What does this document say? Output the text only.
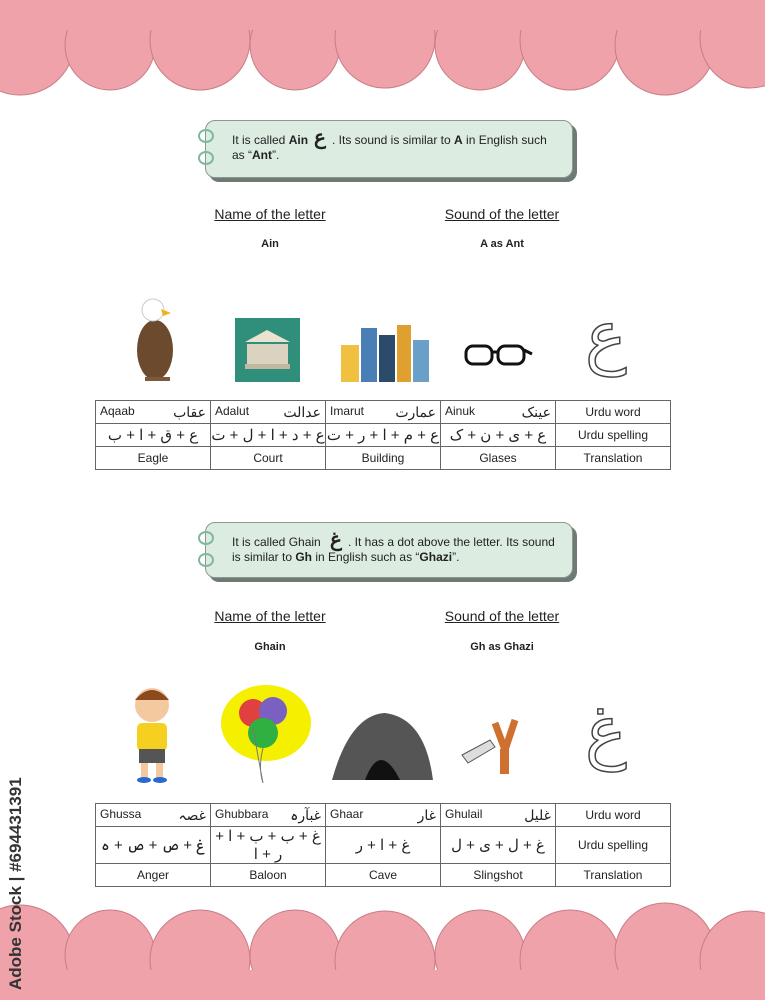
It is called Ain ع . Its sound is similar to A in English such as “Ant”.
Name of the letter	Sound of the letter
Ain	A as Ant
ع
Aqaab عقاب	Adalut عدالت	Imarut عمارت	Ainuk عینک	Urdu word
ع + ق + ا + ب	ع + د + ا + ل + ت	ع + م + ا + ر + ت	ع + ی + ن + ک	Urdu spelling
Eagle	Court	Building	Glases	Translation
It is called Ghain غ . It has a dot above the letter. Its sound is similar to Gh in English such as “Ghazi”.
Name of the letter	Sound of the letter
Ghain	Gh as Ghazi
غ
Ghussa غصہ	Ghubbara غبآرہ	Ghaar غار	Ghulail غلیل	Urdu word
غ + ص + ص + ہ	غ + ب + ب + ا + ر + ا	غ + ا + ر	غ + ل + ی + ل	Urdu spelling
Anger	Baloon	Cave	Slingshot	Translation
Adobe Stock | #694431391
